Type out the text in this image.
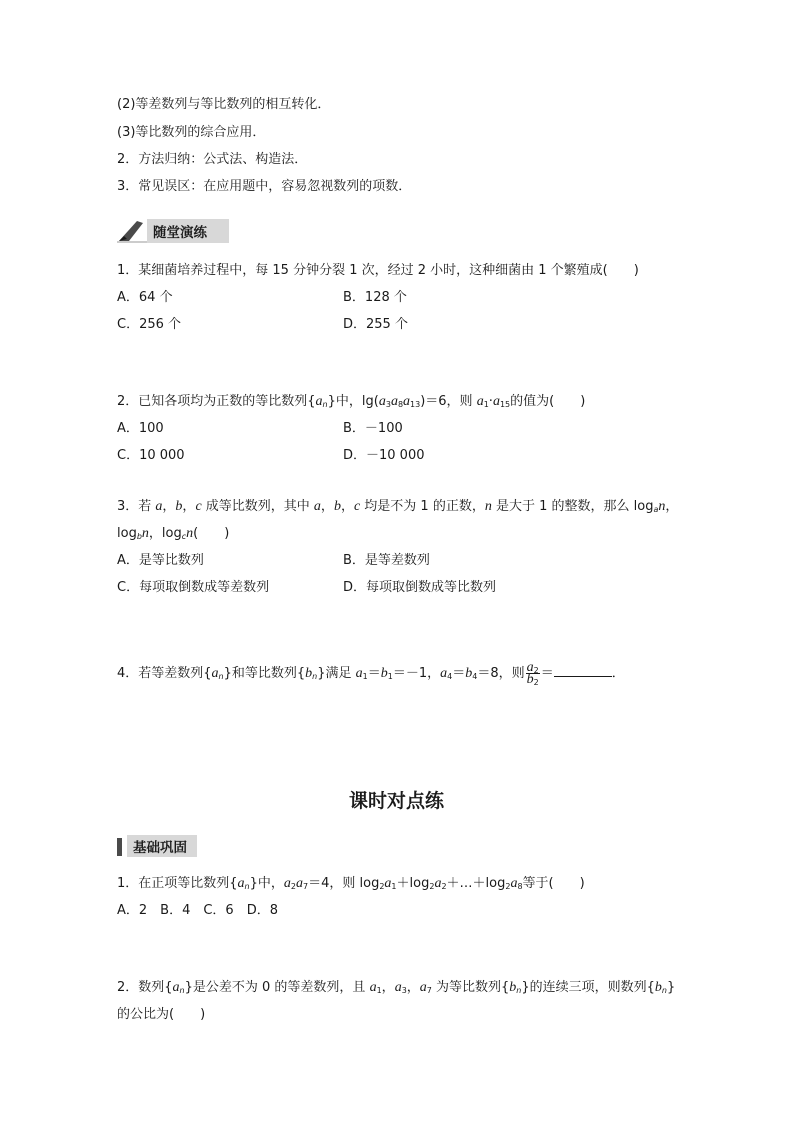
(2)等差数列与等比数列的相互转化．
(3)等比数列的综合应用．
2．方法归纳：公式法、构造法．
3．常见误区：在应用题中，容易忽视数列的项数．
随堂演练
1．某细菌培养过程中，每 15 分钟分裂 1 次，经过 2 小时，这种细菌由 1 个繁殖成(　　)
A．64 个	B．128 个
C．256 个	D．255 个
2．已知各项均为正数的等比数列$\{a_n\}$中，$\lg(a_3a_8a_{13})=6$，则 $a_1\cdot a_{15}$的值为(　　)
A．100	B．－100
C．10 000	D．－10 000
3．若 a，b，c 成等比数列，其中 a，b，c 均是不为 1 的正数，n 是大于 1 的整数，那么 $\log_an$，
$\log_bn$，$\log_cn$(　　)
A．是等比数列	B．是等差数列
C．每项取倒数成等差数列	D．每项取倒数成等比数列
4．若等差数列$\{a_n\}$和等比数列$\{b_n\}$满足 $a_1=b_1=-1$，$a_4=b_4=8$，则 $\frac{a_2}{b_2}$ ＝	．
课时对点练
基础巩固
1．在正项等比数列$\{a_n\}$中，$a_2a_7=4$，则 $\log_2a_1+\log_2a_2+\dots+\log_2a_8$等于(　　)
A．2　B．4　C．6　D．8
2．数列$\{a_n\}$是公差不为 0 的等差数列，且 $a_1$，$a_3$，$a_7$ 为等比数列$\{b_n\}$的连续三项，则数列$\{b_n\}$
的公比为(　　)
